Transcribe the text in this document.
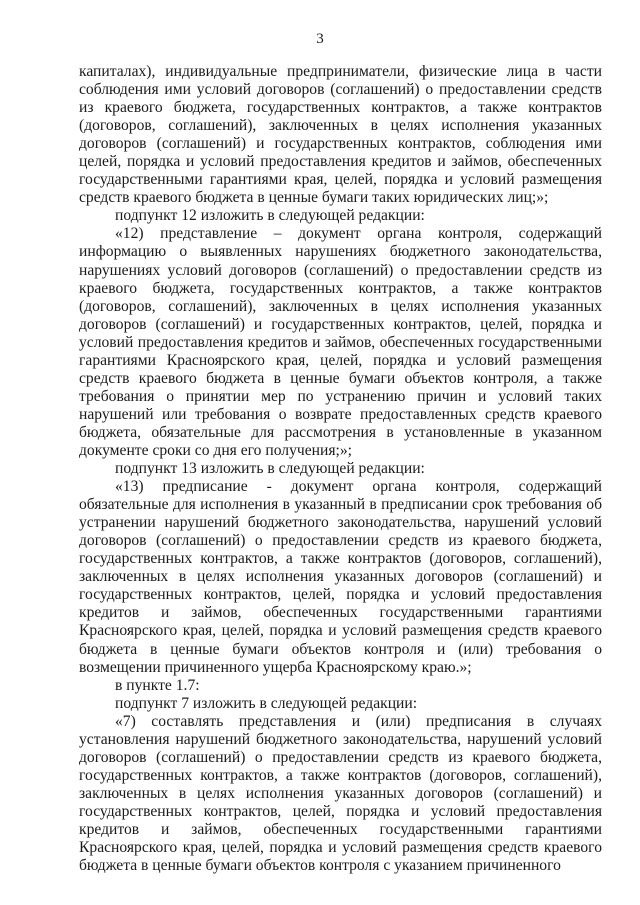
3

капиталах), индивидуальные предприниматели, физические лица в части соблюдения ими условий договоров (соглашений) о предоставлении средств из краевого бюджета, государственных контрактов, а также контрактов (договоров, соглашений), заключенных в целях исполнения указанных договоров (соглашений) и государственных контрактов, соблюдения ими целей, порядка и условий предоставления кредитов и займов, обеспеченных государственными гарантиями края, целей, порядка и условий размещения средств краевого бюджета в ценные бумаги таких юридических лиц;»;

подпункт 12 изложить в следующей редакции:

«12) представление – документ органа контроля, содержащий информацию о выявленных нарушениях бюджетного законодательства, нарушениях условий договоров (соглашений) о предоставлении средств из краевого бюджета, государственных контрактов, а также контрактов (договоров, соглашений), заключенных в целях исполнения указанных договоров (соглашений) и государственных контрактов, целей, порядка и условий предоставления кредитов и займов, обеспеченных государственными гарантиями Красноярского края, целей, порядка и условий размещения средств краевого бюджета в ценные бумаги объектов контроля, а также требования о принятии мер по устранению причин и условий таких нарушений или требования о возврате предоставленных средств краевого бюджета, обязательные для рассмотрения в установленные в указанном документе сроки со дня его получения;»;

подпункт 13 изложить в следующей редакции:

«13) предписание - документ органа контроля, содержащий обязательные для исполнения в указанный в предписании срок требования об устранении нарушений бюджетного законодательства, нарушений условий договоров (соглашений) о предоставлении средств из краевого бюджета, государственных контрактов, а также контрактов (договоров, соглашений), заключенных в целях исполнения указанных договоров (соглашений) и государственных контрактов, целей, порядка и условий предоставления кредитов и займов, обеспеченных государственными гарантиями Красноярского края, целей, порядка и условий размещения средств краевого бюджета в ценные бумаги объектов контроля и (или) требования о возмещении причиненного ущерба Красноярскому краю.»;

в пункте 1.7:

подпункт 7 изложить в следующей редакции:

«7) составлять представления и (или) предписания в случаях установления нарушений бюджетного законодательства, нарушений условий договоров (соглашений) о предоставлении средств из краевого бюджета, государственных контрактов, а также контрактов (договоров, соглашений), заключенных в целях исполнения указанных договоров (соглашений) и государственных контрактов, целей, порядка и условий предоставления кредитов и займов, обеспеченных государственными гарантиями Красноярского края, целей, порядка и условий размещения средств краевого бюджета в ценные бумаги объектов контроля с указанием причиненного
